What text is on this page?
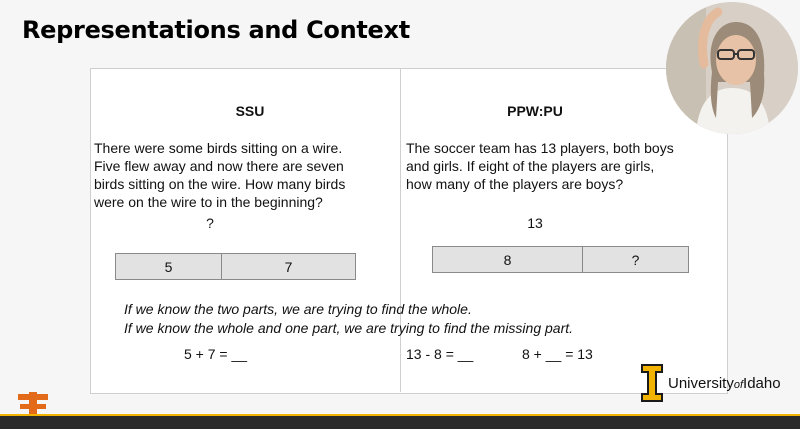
Representations and Context
SSU
There were some birds sitting on a wire.
Five flew away and now there are seven
birds sitting on the wire. How many birds
were on the wire to in the beginning?
?
5	7
PPW:PU
The soccer team has 13 players, both boys
and girls. If eight of the players are girls,
how many of the players are boys?
13
8	?
If we know the two parts, we are trying to find the whole.
If we know the whole and one part, we are trying to find the missing part.
5 + 7 = __	13 - 8 = __	8 + __ = 13
UniversityofIdaho
